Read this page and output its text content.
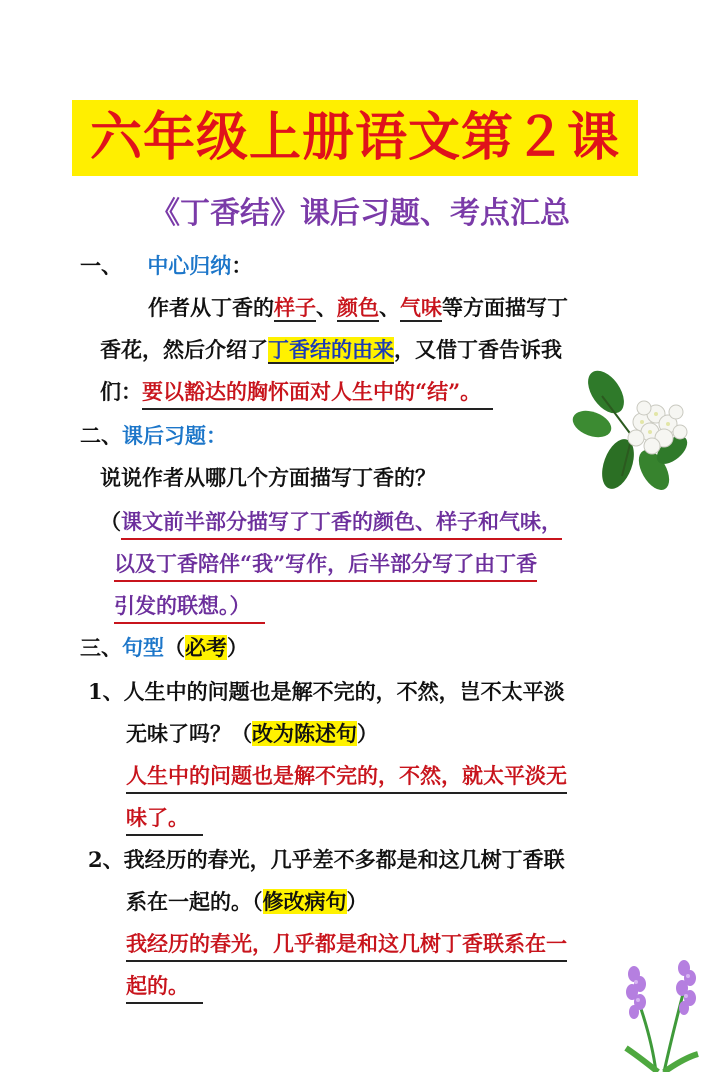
六年级上册语文第２课
《丁香结》课后习题、考点汇总
一、 中心归纳：
作者从丁香的样子、颜色、气味等方面描写丁
香花，然后介绍了丁香结的由来，又借丁香告诉我
们：要以豁达的胸怀面对人生中的“结”。
二、课后习题：
说说作者从哪几个方面描写丁香的？
（课文前半部分描写了丁香的颜色、样子和气味，
以及丁香陪伴“我”写作，后半部分写了由丁香
引发的联想。）
三、句型（必考）
1、人生中的问题也是解不完的，不然，岂不太平淡
无味了吗？（改为陈述句）
人生中的问题也是解不完的，不然，就太平淡无
味了。
2、我经历的春光，几乎差不多都是和这几树丁香联
系在一起的。（修改病句）
我经历的春光，几乎都是和这几树丁香联系在一
起的。
